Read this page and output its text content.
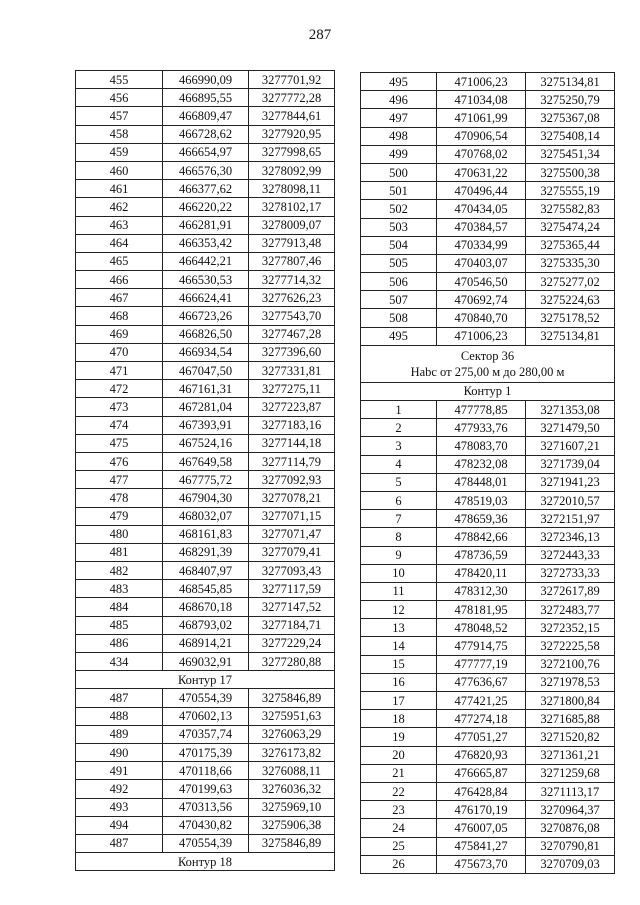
287
455	466990,09	3277701,92
456	466895,55	3277772,28
457	466809,47	3277844,61
458	466728,62	3277920,95
459	466654,97	3277998,65
460	466576,30	3278092,99
461	466377,62	3278098,11
462	466220,22	3278102,17
463	466281,91	3278009,07
464	466353,42	3277913,48
465	466442,21	3277807,46
466	466530,53	3277714,32
467	466624,41	3277626,23
468	466723,26	3277543,70
469	466826,50	3277467,28
470	466934,54	3277396,60
471	467047,50	3277331,81
472	467161,31	3277275,11
473	467281,04	3277223,87
474	467393,91	3277183,16
475	467524,16	3277144,18
476	467649,58	3277114,79
477	467775,72	3277092,93
478	467904,30	3277078,21
479	468032,07	3277071,15
480	468161,83	3277071,47
481	468291,39	3277079,41
482	468407,97	3277093,43
483	468545,85	3277117,59
484	468670,18	3277147,52
485	468793,02	3277184,71
486	468914,21	3277229,24
434	469032,91	3277280,88
Контур 17		
487	470554,39	3275846,89
488	470602,13	3275951,63
489	470357,74	3276063,29
490	470175,39	3276173,82
491	470118,66	3276088,11
492	470199,63	3276036,32
493	470313,56	3275969,10
494	470430,82	3275906,38
487	470554,39	3275846,89
Контур 18		
495	471006,23	3275134,81
496	471034,08	3275250,79
497	471061,99	3275367,08
498	470906,54	3275408,14
499	470768,02	3275451,34
500	470631,22	3275500,38
501	470496,44	3275555,19
502	470434,05	3275582,83
503	470384,57	3275474,24
504	470334,99	3275365,44
505	470403,07	3275335,30
506	470546,50	3275277,02
507	470692,74	3275224,63
508	470840,70	3275178,52
495	471006,23	3275134,81

Сектор 36
Нabc от 275,00 м до 280,00 м		

Контур 1		
1	477778,85	3271353,08
2	477933,76	3271479,50
3	478083,70	3271607,21
4	478232,08	3271739,04
5	478448,01	3271941,23
6	478519,03	3272010,57
7	478659,36	3272151,97
8	478842,66	3272346,13
9	478736,59	3272443,33
10	478420,11	3272733,33
11	478312,30	3272617,89
12	478181,95	3272483,77
13	478048,52	3272352,15
14	477914,75	3272225,58
15	477777,19	3272100,76
16	477636,67	3271978,53
17	477421,25	3271800,84
18	477274,18	3271685,88
19	477051,27	3271520,82
20	476820,93	3271361,21
21	476665,87	3271259,68
22	476428,84	3271113,17
23	476170,19	3270964,37
24	476007,05	3270876,08
25	475841,27	3270790,81
26	475673,70	3270709,03
